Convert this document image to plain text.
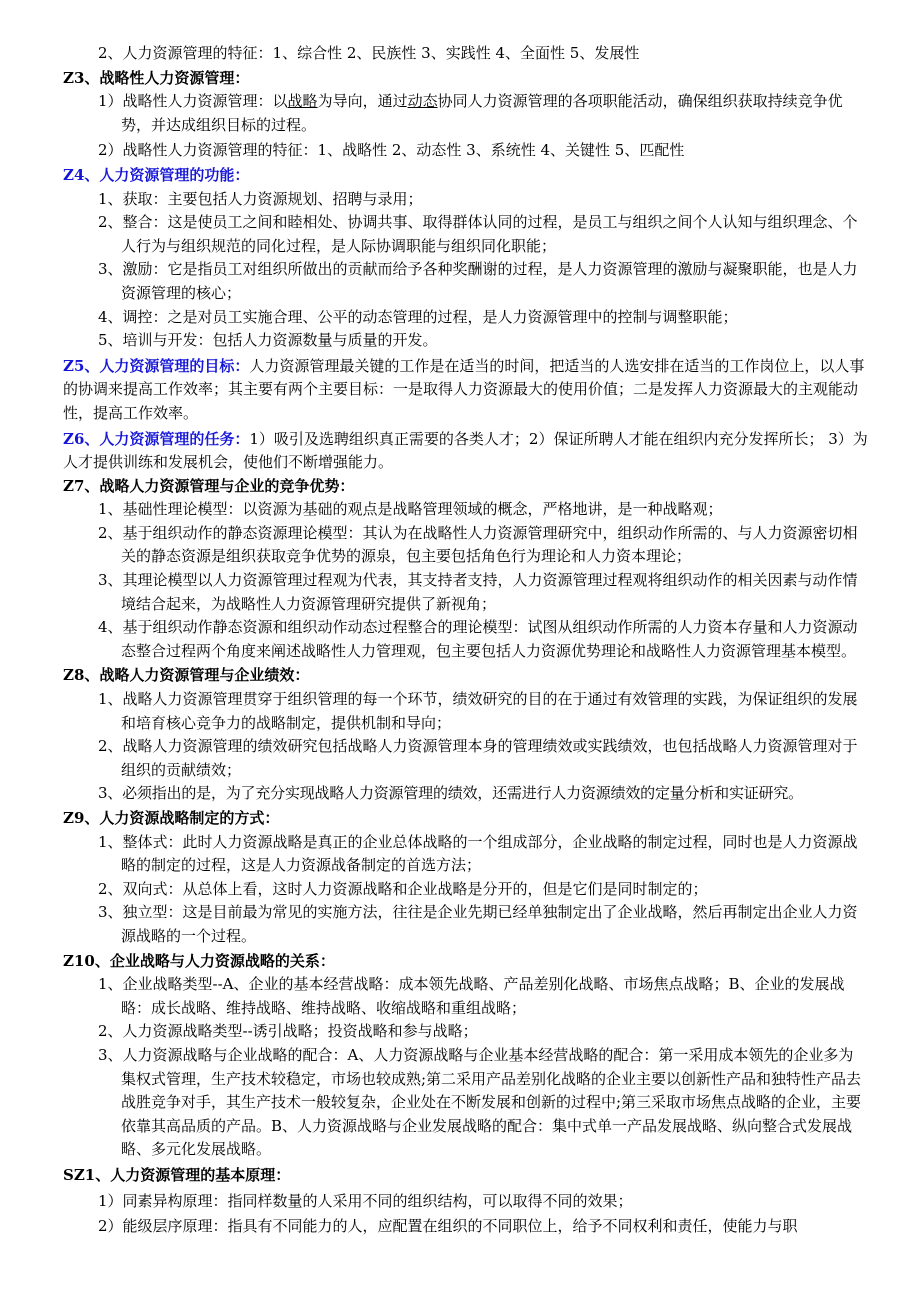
2、人力资源管理的特征：1、综合性 2、民族性 3、实践性 4、全面性 5、发展性
Z3、战略性人力资源管理：
1）战略性人力资源管理：以战略为导向，通过动态协同人力资源管理的各项职能活动，确保组织获取持续竞争优势，并达成组织目标的过程。
2）战略性人力资源管理的特征：1、战略性 2、动态性 3、系统性 4、关键性 5、匹配性
Z4、人力资源管理的功能：
1、获取：主要包括人力资源规划、招聘与录用；
2、整合：这是使员工之间和睦相处、协调共事、取得群体认同的过程，是员工与组织之间个人认知与组织理念、个人行为与组织规范的同化过程，是人际协调职能与组织同化职能；
3、激励：它是指员工对组织所做出的贡献而给予各种奖酬谢的过程，是人力资源管理的激励与凝聚职能，也是人力资源管理的核心；
4、调控：之是对员工实施合理、公平的动态管理的过程，是人力资源管理中的控制与调整职能；
5、培训与开发：包括人力资源数量与质量的开发。
Z5、人力资源管理的目标：人力资源管理最关键的工作是在适当的时间，把适当的人选安排在适当的工作岗位上，以人事的协调来提高工作效率；其主要有两个主要目标：一是取得人力资源最大的使用价值；二是发挥人力资源最大的主观能动性，提高工作效率。
Z6、人力资源管理的任务：1）吸引及选聘组织真正需要的各类人才；2）保证所聘人才能在组织内充分发挥所长； 3）为人才提供训练和发展机会，使他们不断增强能力。
Z7、战略人力资源管理与企业的竞争优势：
1、基础性理论模型：以资源为基础的观点是战略管理领域的概念，严格地讲，是一种战略观；
2、基于组织动作的静态资源理论模型：其认为在战略性人力资源管理研究中，组织动作所需的、与人力资源密切相关的静态资源是组织获取竞争优势的源泉，包主要包括角色行为理论和人力资本理论；
3、其理论模型以人力资源管理过程观为代表，其支持者支持，人力资源管理过程观将组织动作的相关因素与动作情境结合起来，为战略性人力资源管理研究提供了新视角；
4、基于组织动作静态资源和组织动作动态过程整合的理论模型：试图从组织动作所需的人力资本存量和人力资源动态整合过程两个角度来阐述战略性人力管理观，包主要包括人力资源优势理论和战略性人力资源管理基本模型。
Z8、战略人力资源管理与企业绩效：
1、战略人力资源管理贯穿于组织管理的每一个环节，绩效研究的目的在于通过有效管理的实践，为保证组织的发展和培育核心竞争力的战略制定，提供机制和导向；
2、战略人力资源管理的绩效研究包括战略人力资源管理本身的管理绩效或实践绩效，也包括战略人力资源管理对于组织的贡献绩效；
3、必须指出的是，为了充分实现战略人力资源管理的绩效，还需进行人力资源绩效的定量分析和实证研究。
Z9、人力资源战略制定的方式：
1、整体式：此时人力资源战略是真正的企业总体战略的一个组成部分，企业战略的制定过程，同时也是人力资源战略的制定的过程，这是人力资源战备制定的首选方法；
2、双向式：从总体上看，这时人力资源战略和企业战略是分开的，但是它们是同时制定的；
3、独立型：这是目前最为常见的实施方法，往往是企业先期已经单独制定出了企业战略，然后再制定出企业人力资源战略的一个过程。
Z10、企业战略与人力资源战略的关系：
1、企业战略类型--A、企业的基本经营战略：成本领先战略、产品差别化战略、市场焦点战略；B、企业的发展战略：成长战略、维持战略、维持战略、收缩战略和重组战略；
2、人力资源战略类型--诱引战略；投资战略和参与战略；
3、人力资源战略与企业战略的配合：A、人力资源战略与企业基本经营战略的配合：第一采用成本领先的企业多为集权式管理，生产技术较稳定，市场也较成熟;第二采用产品差别化战略的企业主要以创新性产品和独特性产品去战胜竞争对手，其生产技术一般较复杂，企业处在不断发展和创新的过程中;第三采取市场焦点战略的企业，主要依靠其高品质的产品。B、人力资源战略与企业发展战略的配合：集中式单一产品发展战略、纵向整合式发展战略、多元化发展战略。
SZ1、人力资源管理的基本原理：
1）同素异构原理：指同样数量的人采用不同的组织结构，可以取得不同的效果；
2）能级层序原理：指具有不同能力的人，应配置在组织的不同职位上，给予不同权利和责任，使能力与职
